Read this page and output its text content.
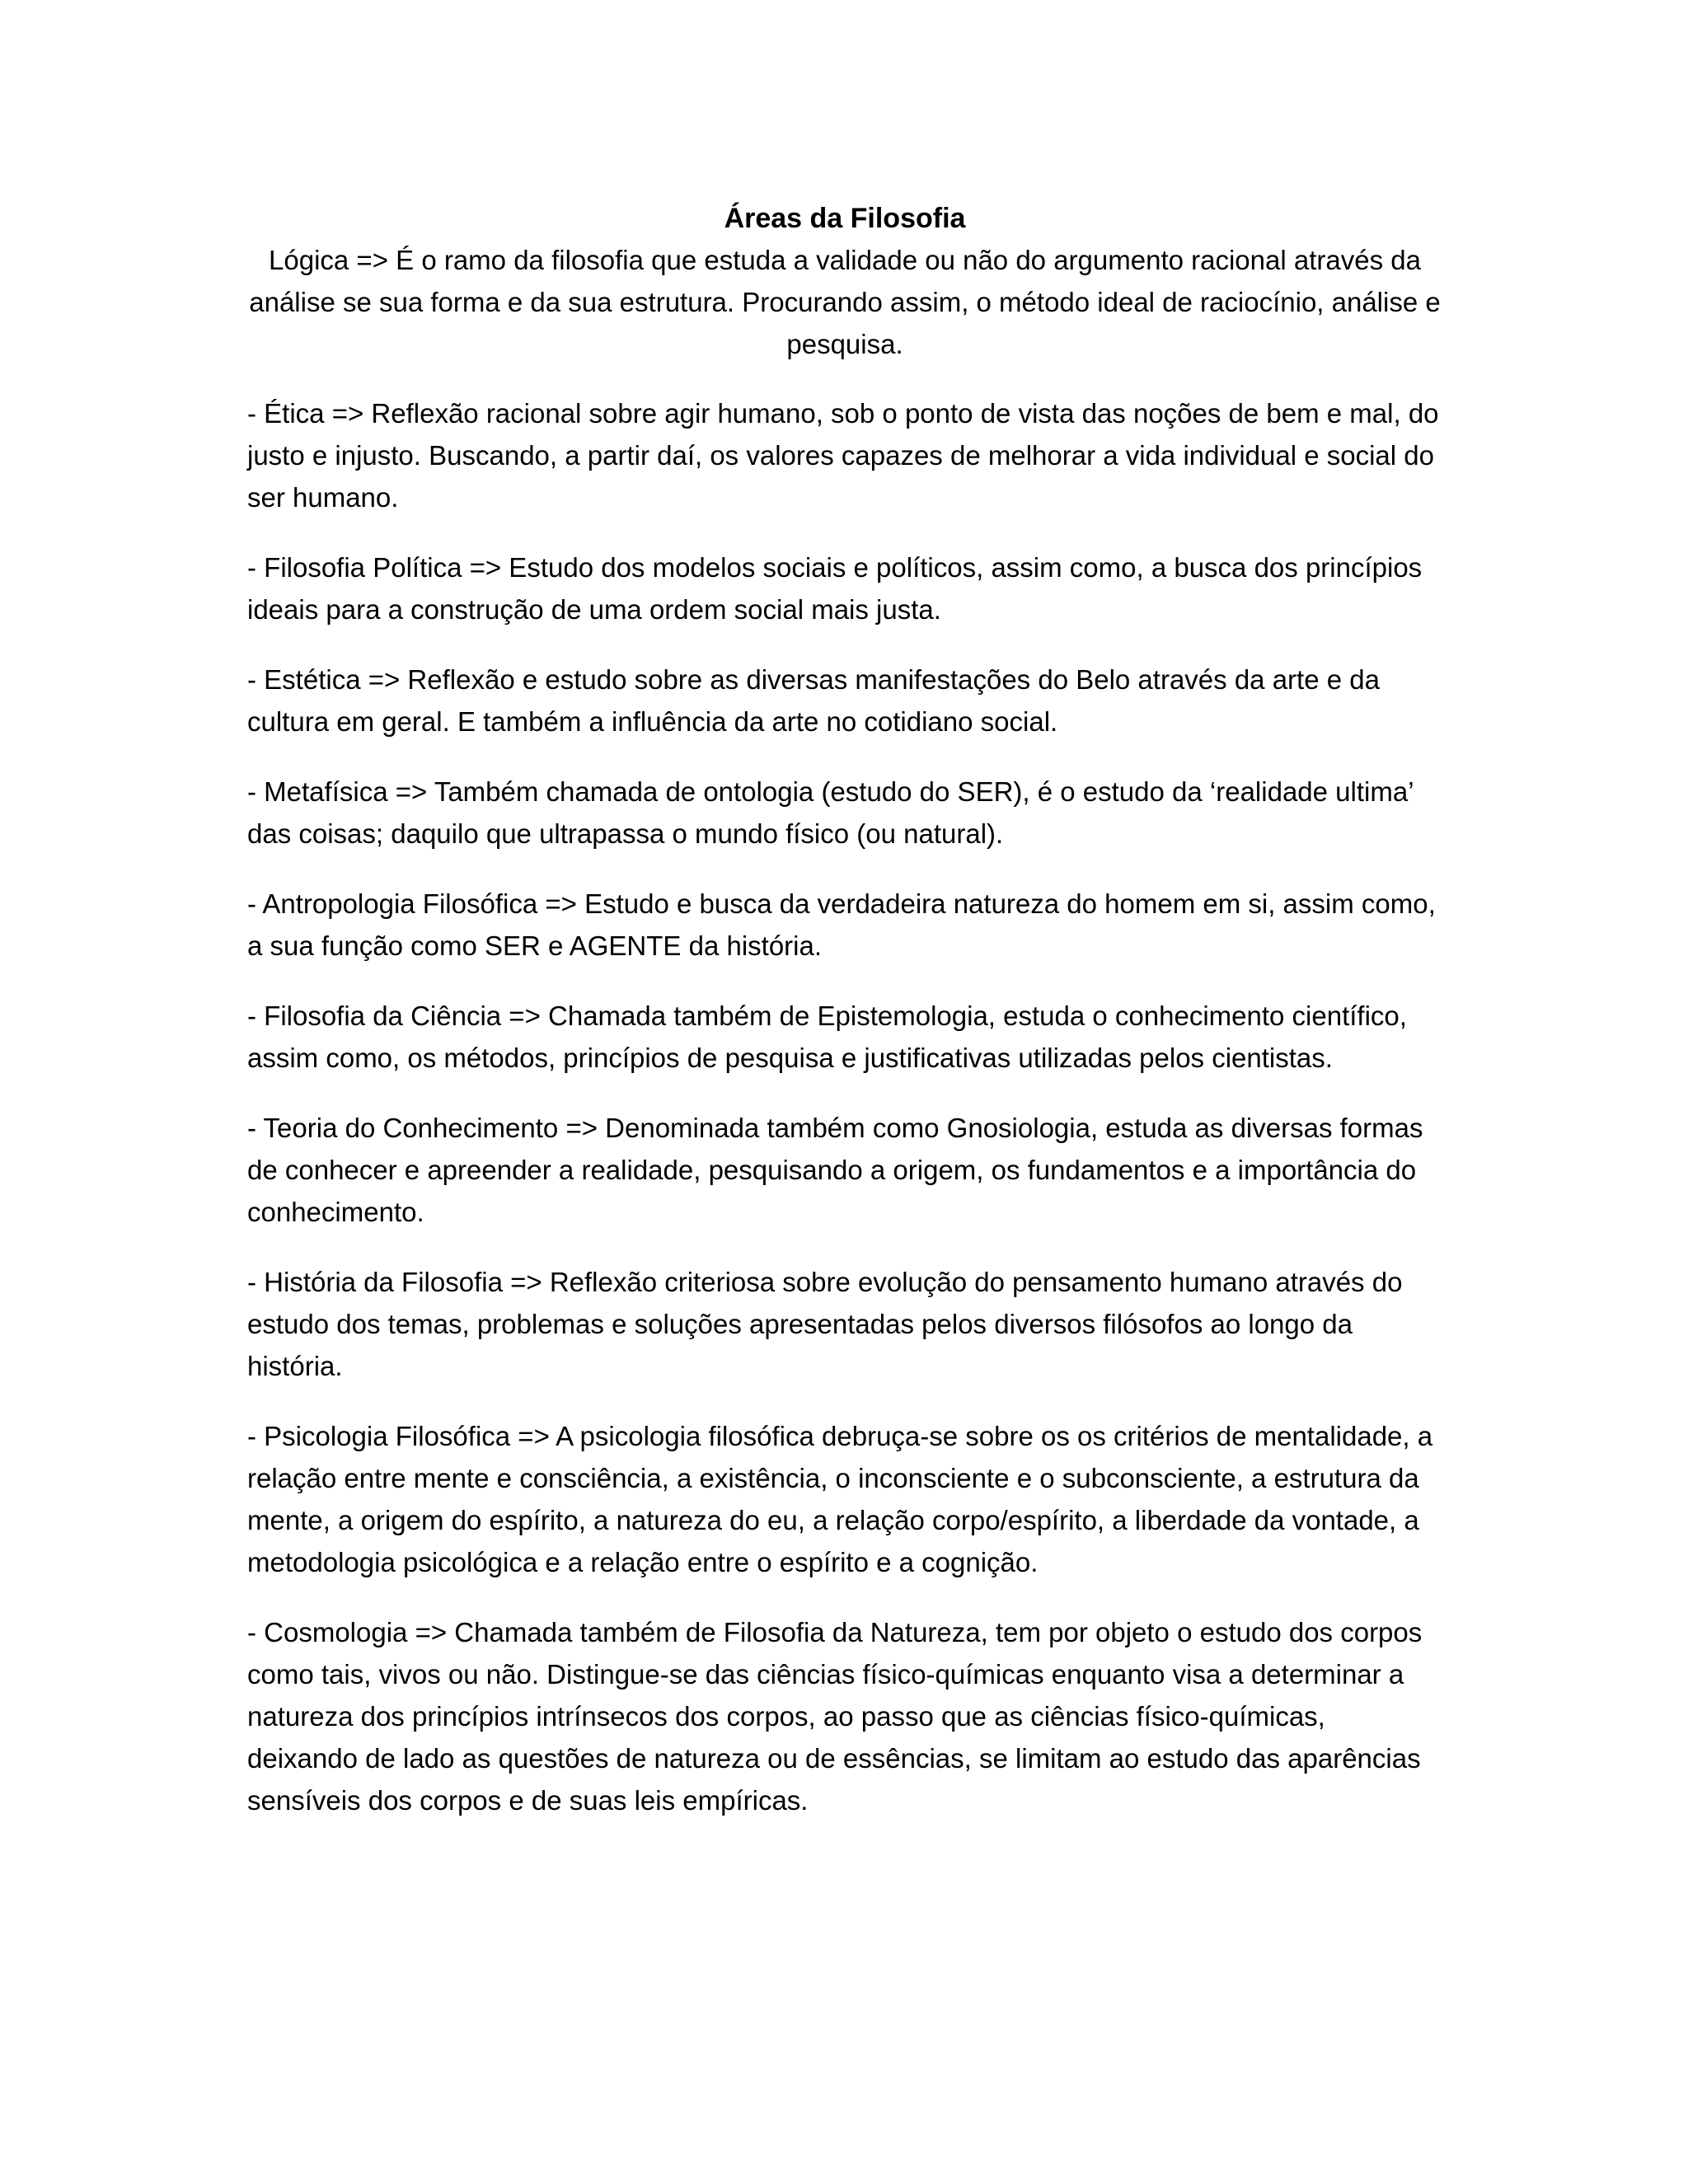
Áreas da Filosofia

Lógica => É o ramo da filosofia que estuda a validade ou não do argumento racional através da análise se sua forma e da sua estrutura. Procurando assim, o método ideal de raciocínio, análise e pesquisa.

- Ética => Reflexão racional sobre agir humano, sob o ponto de vista das noções de bem e mal, do justo e injusto. Buscando, a partir daí, os valores capazes de melhorar a vida individual e social do ser humano.

- Filosofia Política => Estudo dos modelos sociais e políticos, assim como, a busca dos princípios ideais para a construção de uma ordem social mais justa.

- Estética => Reflexão e estudo sobre as diversas manifestações do Belo através da arte e da cultura em geral. E também a influência da arte no cotidiano social.

- Metafísica => Também chamada de ontologia (estudo do SER), é o estudo da ‘realidade ultima’ das coisas; daquilo que ultrapassa o mundo físico (ou natural).

- Antropologia Filosófica => Estudo e busca da verdadeira natureza do homem em si, assim como, a sua função como SER e AGENTE da história.

- Filosofia da Ciência => Chamada também de Epistemologia, estuda o conhecimento científico, assim como, os métodos, princípios de pesquisa e justificativas utilizadas pelos cientistas.

- Teoria do Conhecimento => Denominada também como Gnosiologia, estuda as diversas formas de conhecer e apreender a realidade, pesquisando a origem, os fundamentos e a importância do conhecimento.

- História da Filosofia => Reflexão criteriosa sobre evolução do pensamento humano através do estudo dos temas, problemas e soluções apresentadas pelos diversos filósofos ao longo da história.

- Psicologia Filosófica => A psicologia filosófica debruça-se sobre os os critérios de mentalidade, a relação entre mente e consciência, a existência, o inconsciente e o subconsciente, a estrutura da mente, a origem do espírito, a natureza do eu, a relação corpo/espírito, a liberdade da vontade, a metodologia psicológica e a relação entre o espírito e a cognição.

- Cosmologia => Chamada também de Filosofia da Natureza, tem por objeto o estudo dos corpos como tais, vivos ou não. Distingue-se das ciências físico-químicas enquanto visa a determinar a natureza dos princípios intrínsecos dos corpos, ao passo que as ciências físico-químicas, deixando de lado as questões de natureza ou de essências, se limitam ao estudo das aparências sensíveis dos corpos e de suas leis empíricas.
